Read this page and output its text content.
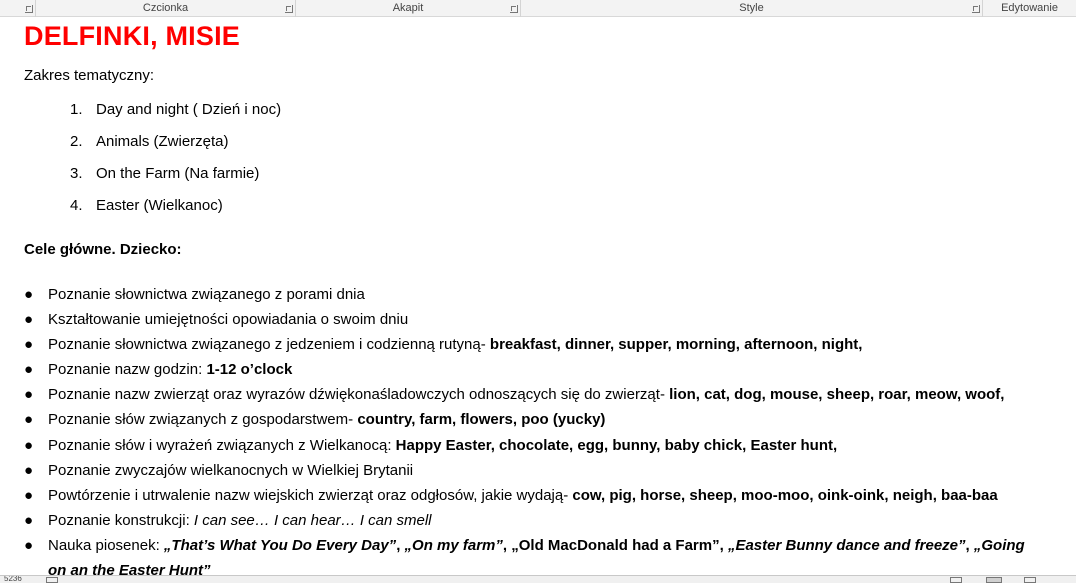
Czcionka	Akapit	Style	Edytowanie
DELFINKI, MISIE
Zakres tematyczny:
1. Day and night ( Dzień i noc)
2. Animals (Zwierzęta)
3. On the Farm (Na farmie)
4. Easter (Wielkanoc)
Cele główne. Dziecko:
● Poznanie słownictwa związanego z porami dnia
● Kształtowanie umiejętności opowiadania o swoim dniu
● Poznanie słownictwa związanego z jedzeniem i codzienną rutyną- breakfast, dinner, supper, morning, afternoon, night,
● Poznanie nazw godzin: 1-12 o’clock
● Poznanie nazw zwierząt oraz wyrazów dźwiękonaśladowczych odnoszących się do zwierząt- lion, cat, dog, mouse, sheep, roar, meow, woof,
● Poznanie słów związanych z gospodarstwem- country, farm, flowers, poo (yucky)
● Poznanie słów i wyrażeń związanych z Wielkanocą: Happy Easter, chocolate, egg, bunny, baby chick, Easter hunt,
● Poznanie zwyczajów wielkanocnych w Wielkiej Brytanii
● Powtórzenie i utrwalenie nazw wiejskich zwierząt oraz odgłosów, jakie wydają- cow, pig, horse, sheep, moo-moo, oink-oink, neigh, baa-baa
● Poznanie konstrukcji: I can see… I can hear… I can smell
● Nauka piosenek: „That’s What You Do Every Day”, „On my farm”, „Old MacDonald had a Farm”, „Easter Bunny dance and freeze”, „Going
on an the Easter Hunt”
5236
